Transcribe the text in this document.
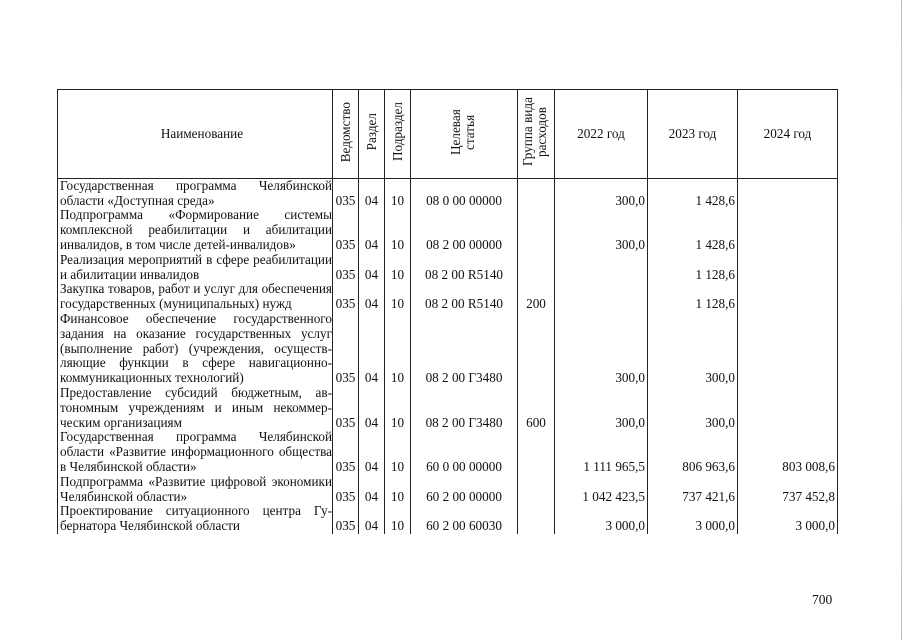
Наименование	Ведомство	Раздел	Подраздел	Целевая статья	Группа вида расходов	2022 год	2023 год	2024 год
Государственная программа Челябинской области «Доступная среда»	035	04	10	08 0 00 00000		300,0	1 428,6	
Подпрограмма «Формирование системы комплексной реабилитации и абилитации инвалидов, в том числе детей-инвалидов»	035	04	10	08 2 00 00000		300,0	1 428,6	
Реализация мероприятий в сфере реабилитации и абилитации инвалидов	035	04	10	08 2 00 R5140			1 128,6	
Закупка товаров, работ и услуг для обеспечения государственных (муниципальных) нужд	035	04	10	08 2 00 R5140	200		1 128,6	
Финансовое обеспечение государственного задания на оказание государственных услуг (выполнение работ) (учреждения, осуществляющие функции в сфере навигационно-коммуникационных технологий)	035	04	10	08 2 00 Г3480		300,0	300,0	
Предоставление субсидий бюджетным, автономным учреждениям и иным некоммерческим организациям	035	04	10	08 2 00 Г3480	600	300,0	300,0	
Государственная программа Челябинской области «Развитие информационного общества в Челябинской области»	035	04	10	60 0 00 00000		1 111 965,5	806 963,6	803 008,6
Подпрограмма «Развитие цифровой экономики Челябинской области»	035	04	10	60 2 00 00000		1 042 423,5	737 421,6	737 452,8
Проектирование ситуационного центра Губернатора Челябинской области	035	04	10	60 2 00 60030		3 000,0	3 000,0	3 000,0
700
